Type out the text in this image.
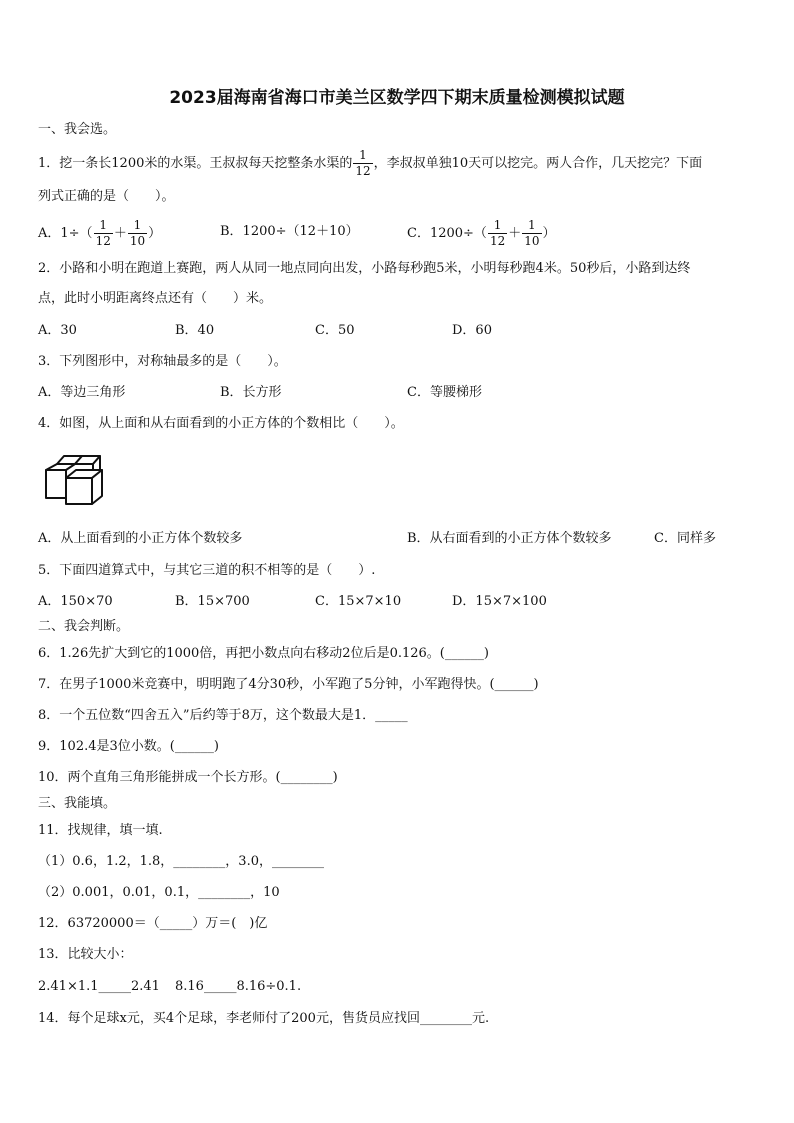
2023届海南省海口市美兰区数学四下期末质量检测模拟试题
一、我会选。
1．挖一条长1200米的水渠。王叔叔每天挖整条水渠的 $\frac{1}{12}$ ，李叔叔单独10天可以挖完。两人合作，几天挖完？下面
列式正确的是（　　）。
A．$1\div( \frac{1}{12} + \frac{1}{10}$ ）	B．1200÷（12＋10）	C．$1200\div( \frac{1}{12} + \frac{1}{10}$ ）
2．小路和小明在跑道上赛跑，两人从同一地点同向出发，小路每秒跑5米，小明每秒跑4米。50秒后，小路到达终
点，此时小明距离终点还有（　　）米。
A．30	B．40	C．50	D．60
3．下列图形中，对称轴最多的是（　　）。
A．等边三角形	B．长方形	C．等腰梯形
4．如图，从上面和从右面看到的小正方体的个数相比（　　）。
A．从上面看到的小正方体个数较多	B．从右面看到的小正方体个数较多	C．同样多
5．下面四道算式中，与其它三道的积不相等的是（　　）.
A．150×70	B．15×700	C．15×7×10	D．15×7×100
二、我会判断。
6．1.26先扩大到它的1000倍，再把小数点向右移动2位后是0.126。(______)
7．在男子1000米竞赛中，明明跑了4分30秒，小军跑了5分钟，小军跑得快。(______)
8．一个五位数“四舍五入”后约等于8万，这个数最大是1．_____
9．102.4是3位小数。(______)
10．两个直角三角形能拼成一个长方形。(________)
三、我能填。
11．找规律，填一填.
（1）0.6，1.2，1.8，________，3.0，________
（2）0.001，0.01，0.1，________，10
12．63720000＝（_____）万＝(　)亿
13．比较大小：
2.41×1.1_____2.41 8.16_____8.16÷0.1.
14．每个足球x元，买4个足球，李老师付了200元，售货员应找回________元.
